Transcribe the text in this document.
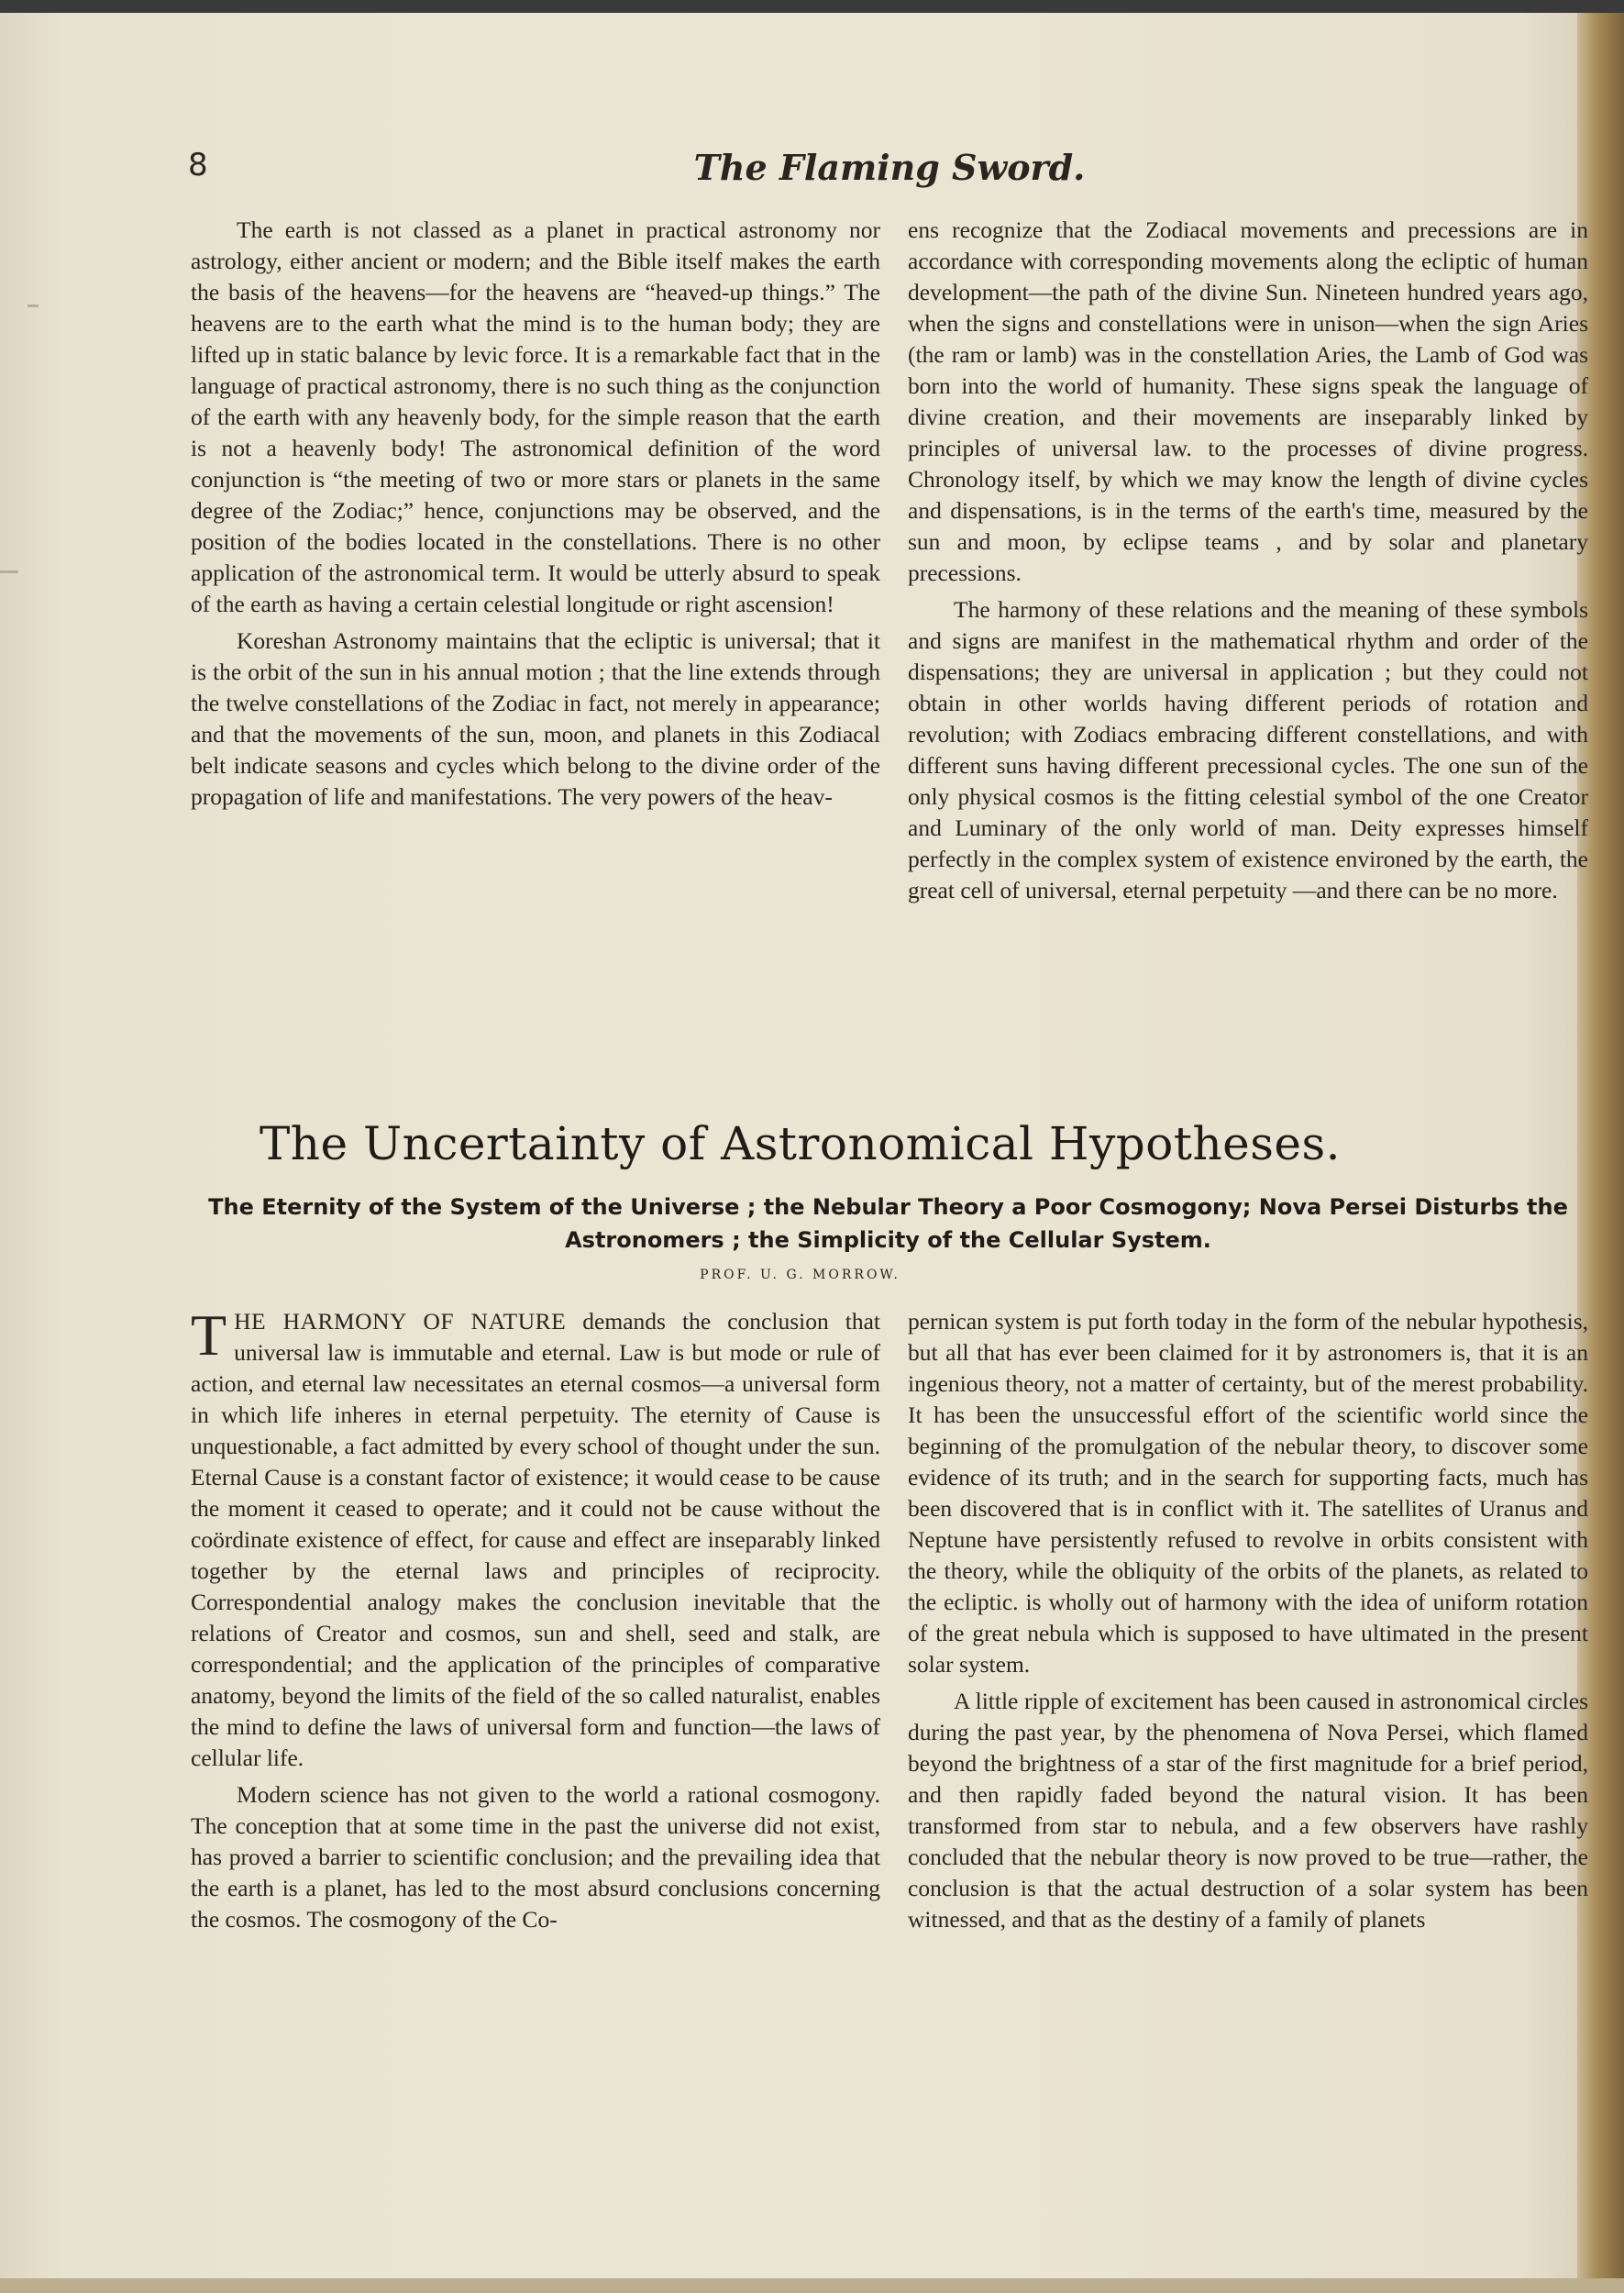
8	The Flaming Sword.

The earth is not classed as a planet in practical astronomy nor astrology, either ancient or modern; and the Bible itself makes the earth the basis of the heavens—for the heavens are “heaved-up things.” The heavens are to the earth what the mind is to the human body; they are lifted up in static balance by levic force. It is a remarkable fact that in the language of practical astronomy, there is no such thing as the conjunction of the earth with any heavenly body, for the simple reason that the earth is not a heavenly body! The astronomical definition of the word conjunction is “the meeting of two or more stars or planets in the same degree of the Zodiac;” hence, conjunctions may be observed, and the position of the bodies located in the constellations. There is no other application of the astronomical term. It would be utterly absurd to speak of the earth as having a certain celestial longitude or right ascension!

Koreshan Astronomy maintains that the ecliptic is universal; that it is the orbit of the sun in his annual motion ; that the line extends through the twelve constellations of the Zodiac in fact, not merely in appearance; and that the movements of the sun, moon, and planets in this Zodiacal belt indicate seasons and cycles which belong to the divine order of the propagation of life and manifestations. The very powers of the heav-

ens recognize that the Zodiacal movements and precessions are in accordance with corresponding movements along the ecliptic of human development—the path of the divine Sun. Nineteen hundred years ago, when the signs and constellations were in unison—when the sign Aries (the ram or lamb) was in the constellation Aries, the Lamb of God was born into the world of humanity. These signs speak the language of divine creation, and their movements are inseparably linked by principles of universal law. to the processes of divine progress. Chronology itself, by which we may know the length of divine cycles and dispensations, is in the terms of the earth's time, measured by the sun and moon, by eclipse teams , and by solar and planetary precessions.

The harmony of these relations and the meaning of these symbols and signs are manifest in the mathematical rhythm and order of the dispensations; they are universal in application ; but they could not obtain in other worlds having different periods of rotation and revolution; with Zodiacs embracing different constellations, and with different suns having different precessional cycles. The one sun of the only physical cosmos is the fitting celestial symbol of the one Creator and Luminary of the only world of man. Deity expresses himself perfectly in the complex system of existence environed by the earth, the great cell of universal, eternal perpetuity —and there can be no more.

The Uncertainty of Astronomical Hypotheses.
The Eternity of the System of the Universe ; the Nebular Theory a Poor Cosmogony; Nova Persei Disturbs the Astronomers ; the Simplicity of the Cellular System.
PROF. U. G. MORROW.

THE HARMONY OF NATURE demands the conclusion that universal law is immutable and eternal. Law is but mode or rule of action, and eternal law necessitates an eternal cosmos—a universal form in which life inheres in eternal perpetuity. The eternity of Cause is unquestionable, a fact admitted by every school of thought under the sun. Eternal Cause is a constant factor of existence; it would cease to be cause the moment it ceased to operate; and it could not be cause without the coördinate existence of effect, for cause and effect are inseparably linked together by the eternal laws and principles of reciprocity. Correspondential analogy makes the conclusion inevitable that the relations of Creator and cosmos, sun and shell, seed and stalk, are correspondential; and the application of the principles of comparative anatomy, beyond the limits of the field of the so called naturalist, enables the mind to define the laws of universal form and function—the laws of cellular life.

Modern science has not given to the world a rational cosmogony. The conception that at some time in the past the universe did not exist, has proved a barrier to scientific conclusion; and the prevailing idea that the earth is a planet, has led to the most absurd conclusions concerning the cosmos. The cosmogony of the Co-

pernican system is put forth today in the form of the nebular hypothesis, but all that has ever been claimed for it by astronomers is, that it is an ingenious theory, not a matter of certainty, but of the merest probability. It has been the unsuccessful effort of the scientific world since the beginning of the promulgation of the nebular theory, to discover some evidence of its truth; and in the search for supporting facts, much has been discovered that is in conflict with it. The satellites of Uranus and Neptune have persistently refused to revolve in orbits consistent with the theory, while the obliquity of the orbits of the planets, as related to the ecliptic. is wholly out of harmony with the idea of uniform rotation of the great nebula which is supposed to have ultimated in the present solar system.

A little ripple of excitement has been caused in astronomical circles during the past year, by the phenomena of Nova Persei, which flamed beyond the brightness of a star of the first magnitude for a brief period, and then rapidly faded beyond the natural vision. It has been transformed from star to nebula, and a few observers have rashly concluded that the nebular theory is now proved to be true—rather, the conclusion is that the actual destruction of a solar system has been witnessed, and that as the destiny of a family of planets
